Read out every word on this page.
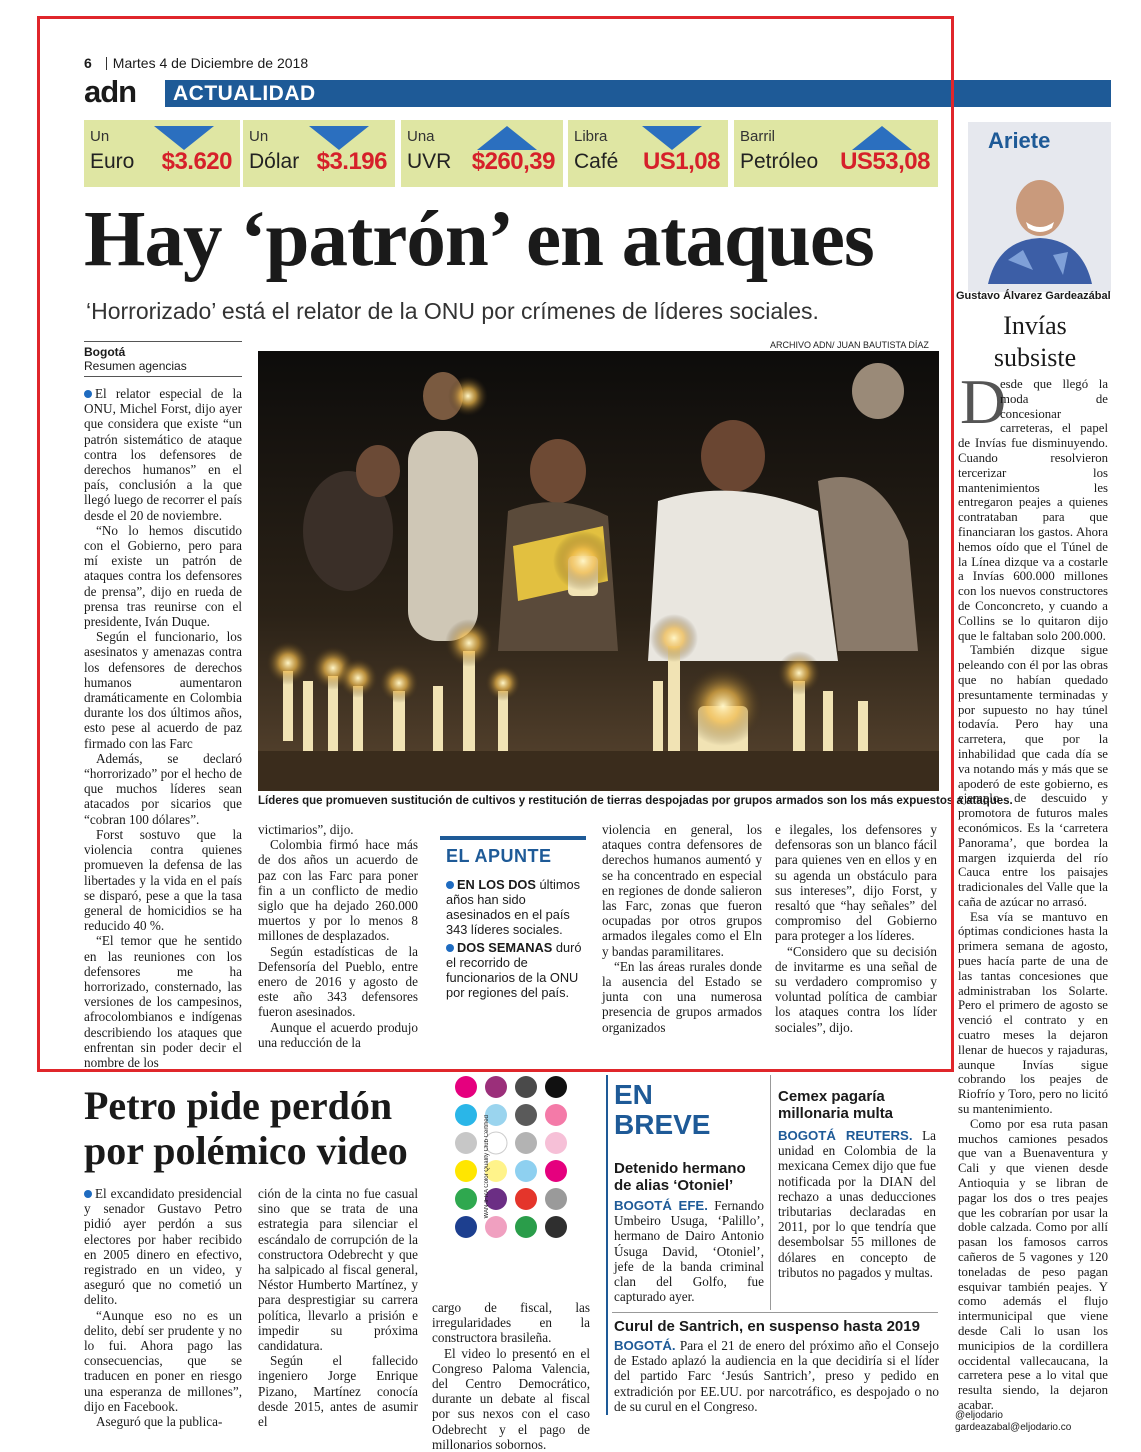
6 Martes 4 de Diciembre de 2018
adn ACTUALIDAD
Un
Euro $3.620
Un
Dólar $3.196
Una
UVR $260,39
Libra
Café US1,08
Barril
Petróleo US53,08
Hay ‘patrón’ en ataques
‘Horrorizado’ está el relator de la ONU por crímenes de líderes sociales.
Bogotá
Resumen agencias

El relator especial de la ONU, Michel Forst, dijo ayer que considera que existe “un patrón sistemático de ataque contra los defensores de derechos humanos” en el país, conclusión a la que llegó luego de recorrer el país desde el 20 de noviembre.

“No lo hemos discutido con el Gobierno, pero para mí existe un patrón de ataques contra los defensores de prensa”, dijo en rueda de prensa tras reunirse con el presidente, Iván Duque.

Según el funcionario, los asesinatos y amenazas contra los defensores de derechos humanos aumentaron dramáticamente en Colombia durante los dos últimos años, esto pese al acuerdo de paz firmado con las Farc

Además, se declaró “horrorizado” por el hecho de que muchos líderes sean atacados por sicarios que “cobran 100 dólares”.

Forst sostuvo que la violencia contra quienes promueven la defensa de las libertades y la vida en el país se disparó, pese a que la tasa general de homicidios se ha reducido 40 %.

“El temor que he sentido en las reuniones con los defensores me ha horrorizado, consternado, las versiones de los campesinos, afrocolombianos e indígenas describiendo los ataques que enfrentan sin poder decir el nombre de los

ARCHIVO ADN/ JUAN BAUTISTA DÍAZ
Líderes que promueven sustitución de cultivos y restitución de tierras despojadas por grupos armados son los más expuestos a ataques.

victimarios”, dijo.

Colombia firmó hace más de dos años un acuerdo de paz con las Farc para poner fin a un conflicto de medio siglo que ha dejado 260.000 muertos y por lo menos 8 millones de desplazados.

Según estadísticas de la Defensoría del Pueblo, entre enero de 2016 y agosto de este año 343 defensores fueron asesinados.

Aunque el acuerdo produjo una reducción de la

EL APUNTE
EN LOS DOS últimos años han sido asesinados en el país 343 líderes sociales.
DOS SEMANAS duró el recorrido de funcionarios de la ONU por regiones del país.

violencia en general, los ataques contra defensores de derechos humanos aumentó y se ha concentrado en especial en regiones de donde salieron las Farc, zonas que fueron ocupadas por otros grupos armados ilegales como el Eln y bandas paramilitares.

“En las áreas rurales donde la ausencia del Estado se junta con una numerosa presencia de grupos armados organizados

e ilegales, los defensores y defensoras son un blanco fácil para quienes ven en ellos y en su agenda un obstáculo para sus intereses”, dijo Forst, y resaltó que “hay señales” del compromiso del Gobierno para proteger a los líderes.

“Considero que su decisión de invitarme es una señal de su verdadero compromiso y voluntad política de cambiar los ataques contra los líder sociales”, dijo.

Ariete
Gustavo Álvarez Gardeazábal
Invías subsiste
D

esde que llegó la moda de concesionar carreteras, el papel de Invías fue disminuyendo. Cuando resolvieron tercerizar los mantenimientos les entregaron peajes a quienes contrataban para que financiaran los gastos. Ahora hemos oído que el Túnel de la Línea dizque va a costarle a Invías 600.000 millones con los nuevos constructores de Conconcreto, y cuando a Collins se lo quitaron dijo que le faltaban solo 200.000.

También dizque sigue peleando con él por las obras que no habían quedado presuntamente terminadas y por supuesto no hay túnel todavía. Pero hay una carretera, que por la inhabilidad que cada día se va notando más y más que se apoderó de este gobierno, es ejemplo de descuido y promotora de futuros males económicos. Es la ‘carretera Panorama’, que bordea la margen izquierda del río Cauca entre los paisajes tradicionales del Valle que la caña de azúcar no arrasó.

Esa vía se mantuvo en óptimas condiciones hasta la primera semana de agosto, pues hacía parte de una de las tantas concesiones que administraban los Solarte. Pero el primero de agosto se venció el contrato y en cuatro meses la dejaron llenar de huecos y rajaduras, aunque Invías sigue cobrando los peajes de Riofrío y Toro, pero no licitó su mantenimiento.

Como por esa ruta pasan muchos camiones pesados que van a Buenaventura y Cali y que vienen desde Antioquia y se libran de pagar los dos o tres peajes que les cobrarían por usar la doble calzada. Como por allí pasan los famosos carros cañeros de 5 vagones y 120 toneladas de peso pagan esquivar también peajes. Y como además el flujo intermunicipal que viene desde Cali lo usan los municipios de la cordillera occidental vallecaucana, la carretera pese a lo vital que resulta siendo, la dejaron acabar.

@eljodario
gardeazabal@eljodario.co
Petro pide perdón por polémico video

El excandidato presidencial y senador Gustavo Petro pidió ayer perdón a sus electores por haber recibido en 2005 dinero en efectivo, registrado en un video, y aseguró que no cometió un delito.

“Aunque eso no es un delito, debí ser prudente y no lo fui. Ahora pago las consecuencias, que se traducen en poner en riesgo una esperanza de millones”, dijo en Facebook.

Aseguró que la publica-

ción de la cinta no fue casual sino que se trata de una estrategia para silenciar el escándalo de corrupción de la constructora Odebrecht y que ha salpicado al fiscal general, Néstor Humberto Martínez, y para desprestigiar su carrera política, llevarlo a prisión e impedir su próxima candidatura.

Según el fallecido ingeniero Jorge Enrique Pizano, Martínez conocía desde 2015, antes de asumir el

cargo de fiscal, las irregularidades en la constructora brasileña.

El video lo presentó en el Congreso Paloma Valencia, del Centro Democrático, durante un debate al fiscal por sus nexos con el caso Odebrecht y el pago de millonarios sobornos.

WAN-IFRA Color Quality Club Certified
EN BREVE
Detenido hermano de alias ‘Otoniel’

BOGOTÁ EFE. Fernando Umbeiro Usuga, ‘Palillo’, hermano de Dairo Antonio Úsuga David, ‘Otoniel’, jefe de la banda criminal clan del Golfo, fue capturado ayer.

Cemex pagaría millonaria multa

BOGOTÁ REUTERS. La unidad en Colombia de la mexicana Cemex dijo que fue notificada por la DIAN del rechazo a unas deducciones tributarias declaradas en 2011, por lo que tendría que desembolsar 55 millones de dólares en concepto de tributos no pagados y multas.

Curul de Santrich, en suspenso hasta 2019

BOGOTÁ. Para el 21 de enero del próximo año el Consejo de Estado aplazó la audiencia en la que decidiría si el líder del partido Farc ‘Jesús Santrich’, preso y pedido en extradición por EE.UU. por narcotráfico, es despojado o no de su curul en el Congreso.
